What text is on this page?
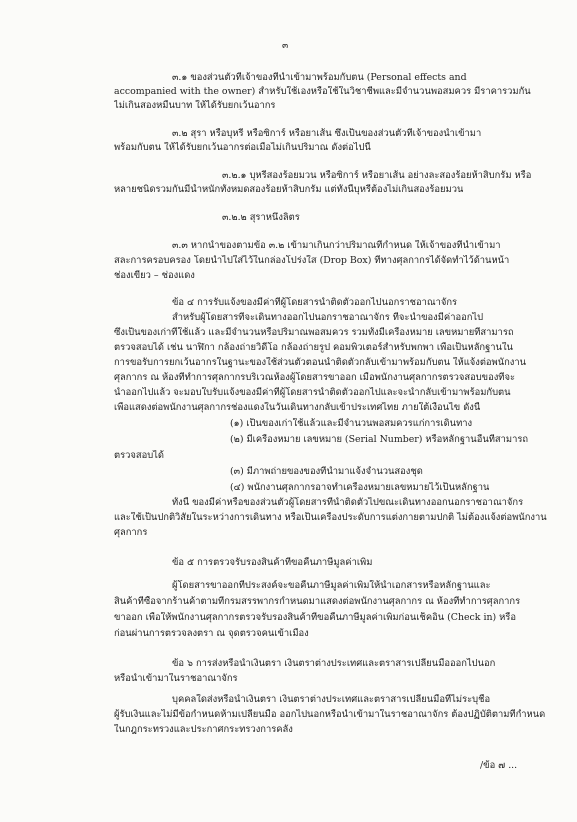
๓
๓.๑ ของส่วนตัวที่เจ้าของที่นำเข้ามาพร้อมกับตน (Personal effects and
accompanied with the owner) สำหรับใช้เองหรือใช้ในวิชาชีพและมีจำนวนพอสมควร มีราคารวมกัน
ไม่เกินสองหมื่นบาท ให้ได้รับยกเว้นอากร
๓.๒ สุรา หรือบุหรี่ หรือซิการ์ หรือยาเส้น ซึ่งเป็นของส่วนตัวที่เจ้าของนำเข้ามา
พร้อมกับตน ให้ได้รับยกเว้นอากรต่อเมื่อไม่เกินปริมาณ ดังต่อไปนี้
๓.๒.๑ บุหรี่สองร้อยมวน หรือซิการ์ หรือยาเส้น อย่างละสองร้อยห้าสิบกรัม หรือ
หลายชนิดรวมกันมีน้ำหนักทั้งหมดสองร้อยห้าสิบกรัม แต่ทั้งนี้บุหรี่ต้องไม่เกินสองร้อยมวน
๓.๒.๒ สุราหนึ่งลิตร
๓.๓ หากนำของตามข้อ ๓.๒ เข้ามาเกินกว่าปริมาณที่กำหนด ให้เจ้าของที่นำเข้ามา
สละการครอบครอง โดยนำไปใส่ไว้ในกล่องโปร่งใส (Drop Box) ที่ทางศุลกากรได้จัดทำไว้ด้านหน้า
ช่องเขียว – ช่องแดง
ข้อ ๔ การรับแจ้งของมีค่าที่ผู้โดยสารนำติดตัวออกไปนอกราชอาณาจักร
สำหรับผู้โดยสารที่จะเดินทางออกไปนอกราชอาณาจักร ที่จะนำของมีค่าออกไป
ซึ่งเป็นของเก่าที่ใช้แล้ว และมีจำนวนหรือปริมาณพอสมควร รวมทั้งมีเครื่องหมาย เลขหมายที่สามารถ
ตรวจสอบได้ เช่น นาฬิกา กล้องถ่ายวิดีโอ กล้องถ่ายรูป คอมพิวเตอร์สำหรับพกพา เพื่อเป็นหลักฐานใน
การขอรับการยกเว้นอากรในฐานะของใช้ส่วนตัวตอนนำติดตัวกลับเข้ามาพร้อมกับตน ให้แจ้งต่อพนักงาน
ศุลกากร ณ ห้องที่ทำการศุลกากรบริเวณห้องผู้โดยสารขาออก เมื่อพนักงานศุลกากรตรวจสอบของที่จะ
นำออกไปแล้ว จะมอบใบรับแจ้งของมีค่าที่ผู้โดยสารนำติดตัวออกไปและจะนำกลับเข้ามาพร้อมกับตน
เพื่อแสดงต่อพนักงานศุลกากรช่องแดงในวันเดินทางกลับเข้าประเทศไทย ภายใต้เงื่อนไข ดังนี้
(๑) เป็นของเก่าใช้แล้วและมีจำนวนพอสมควรแก่การเดินทาง
(๒) มีเครื่องหมาย เลขหมาย (Serial Number) หรือหลักฐานอื่นที่สามารถ
ตรวจสอบได้
(๓) มีภาพถ่ายของของที่นำมาแจ้งจำนวนสองชุด
(๔) พนักงานศุลกากรอาจทำเครื่องหมายเลขหมายไว้เป็นหลักฐาน
ทั้งนี้ ของมีค่าหรือของส่วนตัวผู้โดยสารที่นำติดตัวไปขณะเดินทางออกนอกราชอาณาจักร
และใช้เป็นปกติวิสัยในระหว่างการเดินทาง หรือเป็นเครื่องประดับการแต่งกายตามปกติ ไม่ต้องแจ้งต่อพนักงาน
ศุลกากร
ข้อ ๕ การตรวจรับรองสินค้าที่ขอคืนภาษีมูลค่าเพิ่ม
ผู้โดยสารขาออกที่ประสงค์จะขอคืนภาษีมูลค่าเพิ่มให้นำเอกสารหรือหลักฐานและ
สินค้าที่ซื้อจากร้านค้าตามที่กรมสรรพากรกำหนดมาแสดงต่อพนักงานศุลกากร ณ ห้องที่ทำการศุลกากร
ขาออก เพื่อให้พนักงานศุลกากรตรวจรับรองสินค้าที่ขอคืนภาษีมูลค่าเพิ่มก่อนเช็คอิน (Check in) หรือ
ก่อนผ่านการตรวจลงตรา ณ จุดตรวจคนเข้าเมือง
ข้อ ๖ การส่งหรือนำเงินตรา เงินตราต่างประเทศและตราสารเปลี่ยนมือออกไปนอก
หรือนำเข้ามาในราชอาณาจักร
บุคคลใดส่งหรือนำเงินตรา เงินตราต่างประเทศและตราสารเปลี่ยนมือที่ไม่ระบุชื่อ
ผู้รับเงินและไม่มีข้อกำหนดห้ามเปลี่ยนมือ ออกไปนอกหรือนำเข้ามาในราชอาณาจักร ต้องปฏิบัติตามที่กำหนด
ในกฎกระทรวงและประกาศกระทรวงการคลัง
/ข้อ ๗ ...
